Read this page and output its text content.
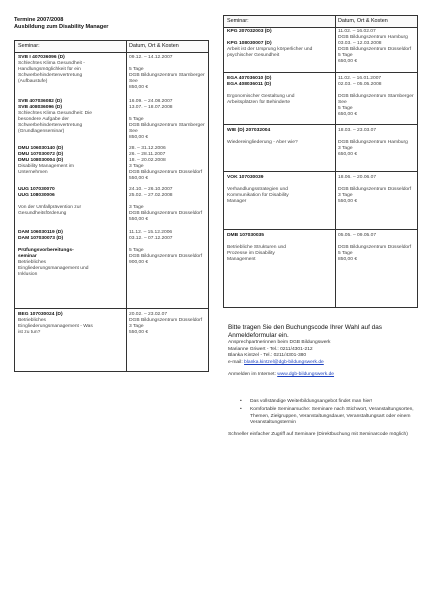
Termine 2007/2008
Ausbildung zum Disability Manager
Seminar:	Datum, Ort & Kosten
SVB I 407036096 (D)
Schlechtes Klima Gesundheit -
Handlungsmöglichkeit für ein
Schwerbehindertenvertretung
(Aufbaustufe)
09.12. – 14.12.2007

5 Tage
DGB Bildungszentrum Starnberger
See
850,00 €
SVB 407036082 (D)
SVB 408036096 (D)
Schlechtes Klima Gesundheit: Die
besondere Aufgabe der
Schwerbehindertenvertretung
(Grundlagenseminar)
16.09. – 24.08.2007
13.07. – 18.07.2008

5 Tage
DGB Bildungszentrum Starnberger
See
850,00 €
DMU 106030140 (D)
DMU 107030072 (D)
DMU 108030004 (D)
Disability Management im
Unternehmen
28. – 31.12.2006
26. – 28.11.2007
18. – 20.02.2008
3 Tage
DGB Bildungszentrum Düsseldorf
550,00 €
UUG 107030070
UUG 108030006

Von der Umfallprävention zur
Gesundheitsförderung
24.10. – 26.10.2007
25.02. – 27.02.2008

3 Tage
DGB Bildungszentrum Düsseldorf
550,00 €
DAM 106030119 (D)
DAM 107030073 (D)

Prüfungsvorbereitungs-
seminar
Betriebliches
Eingliederungsmanagement und
Inklusion
11.12. – 15.12.2006
03.12. – 07.12.2007

5 Tage
DGB Bildungszentrum Düsseldorf
900,00 €
BEG 107030024 (D)
Betriebliches
Eingliederungsmanagement - Was
ist zu tun?
20.02. – 23.02.07
DGB Bildungszentrum Düsseldorf
3 Tage
550,00 €
Seminar:	Datum, Ort & Kosten
KPG 207032003 (D)

KPG 108030007 (D)
Arbeit ist der Ursprung körperlicher und
psychischer Gesundheit
11.02. – 16.02.07
DGB Bildungszentrum Hamburg
03.03. – 12.03.2008
DGB Bildungszentrum Düsseldorf
5 Tage
650,00 €
EGA 407036010 (D)
EGA 408036011 (D)

Ergonomischer Gestaltung und
Arbeitsplätzen für Behinderte
11.02. – 16.01.2007
02.03. – 05.05.2008

DGB Bildungszentrum Starnberger
See
5 Tage
650,00 €
WIE (D) 207032004

Wiedereingliederung - Aber wie?
18.03. – 23.03.07

DGB Bildungszentrum Hamburg
3 Tage
650,00 €
VOK 107030039

Verhandlungsstrategien und
Kommunikation für Disability
Manager
18.06. – 20.06.07

DGB Bildungszentrum Düsseldorf
3 Tage
550,00 €
DMB 107030035

Betriebliche Strukturen und
Prozesse im Disability
Management
05.05. – 09.05.07

DGB Bildungszentrum Düsseldorf
5 Tage
850,00 €
Bitte tragen Sie den Buchungscode Ihrer Wahl auf das
Anmeldeformular ein.
Ansprechpartnerinnen beim DGB Bildungswerk
Marianne Griwert - Tel.: 0211/4301-212
Blanka Kintzel - Tel.: 0211/4301-380
e-mail: blanka.kintzel@dgb-bildungswerk.de
Anmelden im Internet: www.dgb-bildungswerk.de
• Das vollständige Weiterbildungsangebot findet man hier!
• Komfortable Seminarsuche: Seminare nach Stichwort, Veranstaltungsorten, Themen, Zielgruppen, Veranstaltungsdauer, Veranstaltungsart oder einem Veranstaltungstermin
Schneller einfacher Zugriff auf Seminare (Direktbuchung mit Seminarcode möglich)
